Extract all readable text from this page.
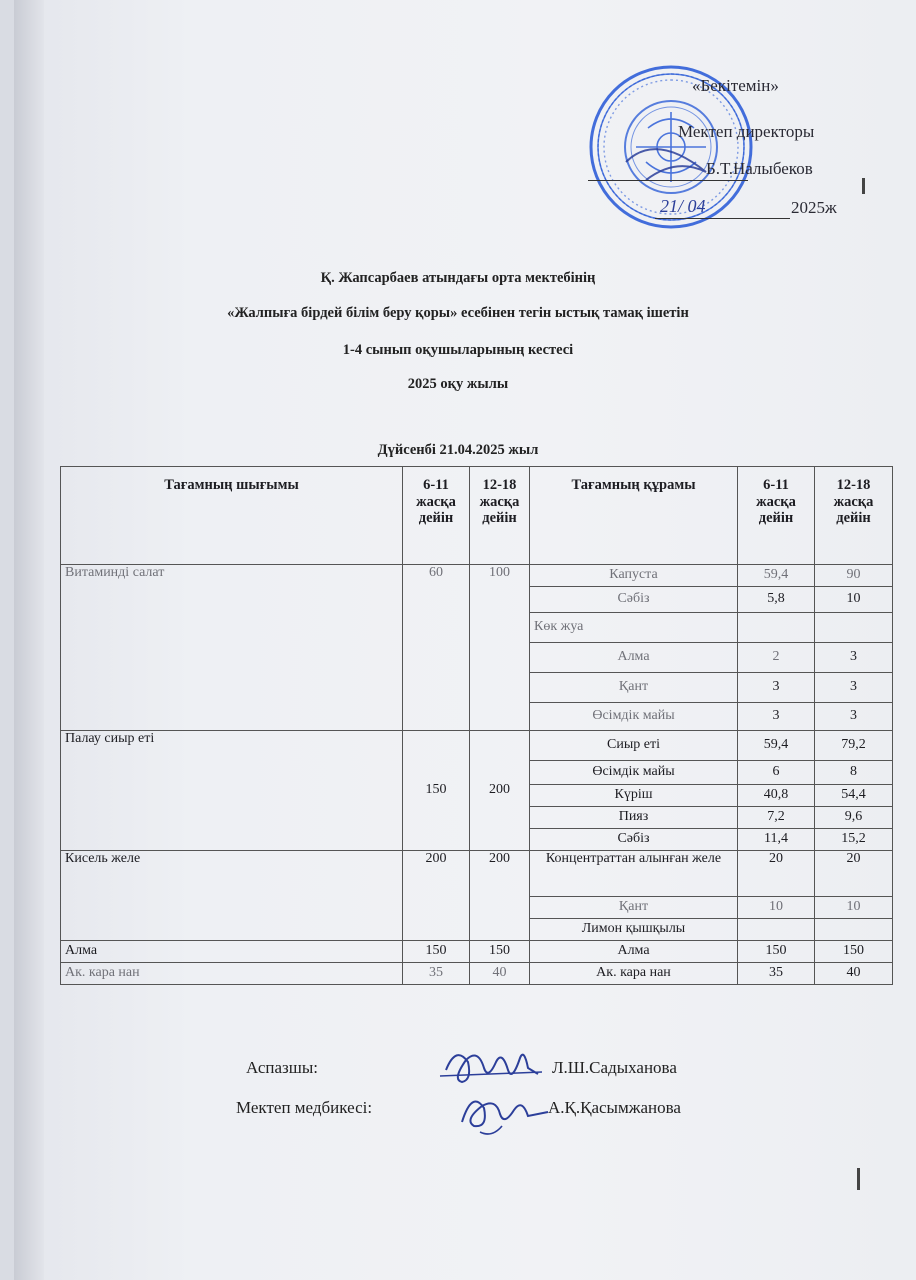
«Бекітемін»
Мектеп директоры
Б.Т.Налыбеков
21/ 04	2025ж
Қ. Жапсарбаев атындағы орта мектебінің
«Жалпыға бірдей білім беру қоры» есебінен тегін ыстық тамақ ішетін
1-4 сынып оқушыларының кестесі
2025 оқу жылы
Дүйсенбі 21.04.2025 жыл
Тағамның шығымы	6-11 жасқа дейін	12-18 жасқа дейін	Тағамның құрамы	6-11 жасқа дейін	12-18 жасқа дейін
Витаминді салат	60	100	Капуста	59,4	90
			Сәбіз	5,8	10
			Көк жуа		
			Алма	2	3
			Қант	3	3
			Өсімдік майы	3	3
Палау сиыр еті	150	200	Сиыр еті	59,4	79,2
			Өсімдік майы	6	8
			Күріш	40,8	54,4
			Пияз	7,2	9,6
			Сәбіз	11,4	15,2
Кисель желе	200	200	Концентраттан алынған желе	20	20
			Қант	10	10
			Лимон қышқылы		
Алма	150	150	Алма	150	150
Ак. кара нан	35	40	Ак. кара нан	35	40
Аспазшы:	Л.Ш.Садыханова
Мектеп медбикесі:	А.Қ.Қасымжанова
